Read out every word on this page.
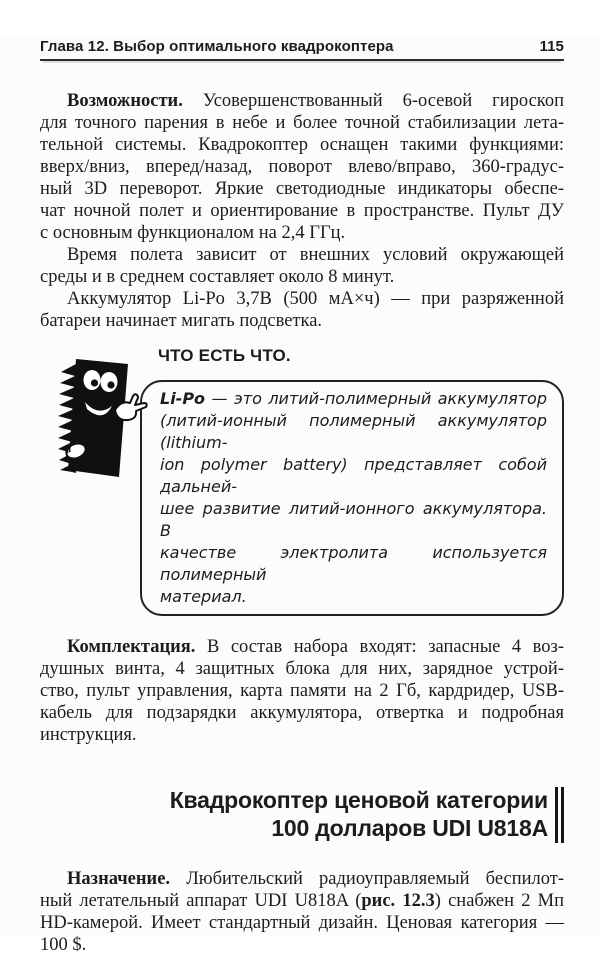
Глава 12. Выбор оптимального квадрокоптера	115
Возможности. Усовершенствованный 6-осевой гироскоп
для точного парения в небе и более точной стабилизации лета-
тельной системы. Квадрокоптер оснащен такими функциями:
вверх/вниз, вперед/назад, поворот влево/вправо, 360-градус-
ный 3D переворот. Яркие светодиодные индикаторы обеспе-
чат ночной полет и ориентирование в пространстве. Пульт ДУ
с основным функционалом на 2,4 ГГц.
Время полета зависит от внешних условий окружающей
среды и в среднем составляет около 8 минут.
Аккумулятор Li-Po 3,7В (500 мА×ч) — при разряженной
батареи начинает мигать подсветка.
ЧТО ЕСТЬ ЧТО.
Li-Po — это литий-полимерный аккумулятор
(литий-ионный полимерный аккумулятор (lithium-
ion polymer battery) представляет собой дальней-
шее развитие литий-ионного аккумулятора. В
качестве электролита используется полимерный
материал.
Комплектация. В состав набора входят: запасные 4 воз-
душных винта, 4 защитных блока для них, зарядное устрой-
ство, пульт управления, карта памяти на 2 Гб, кардридер, USB-
кабель для подзарядки аккумулятора, отвертка и подробная
инструкция.
Квадрокоптер ценовой категории
100 долларов UDI U818A
Назначение. Любительский радиоуправляемый беспилот-
ный летательный аппарат UDI U818A (рис. 12.3) снабжен 2 Мп
HD-камерой. Имеет стандартный дизайн. Ценовая категория —
100 $.
